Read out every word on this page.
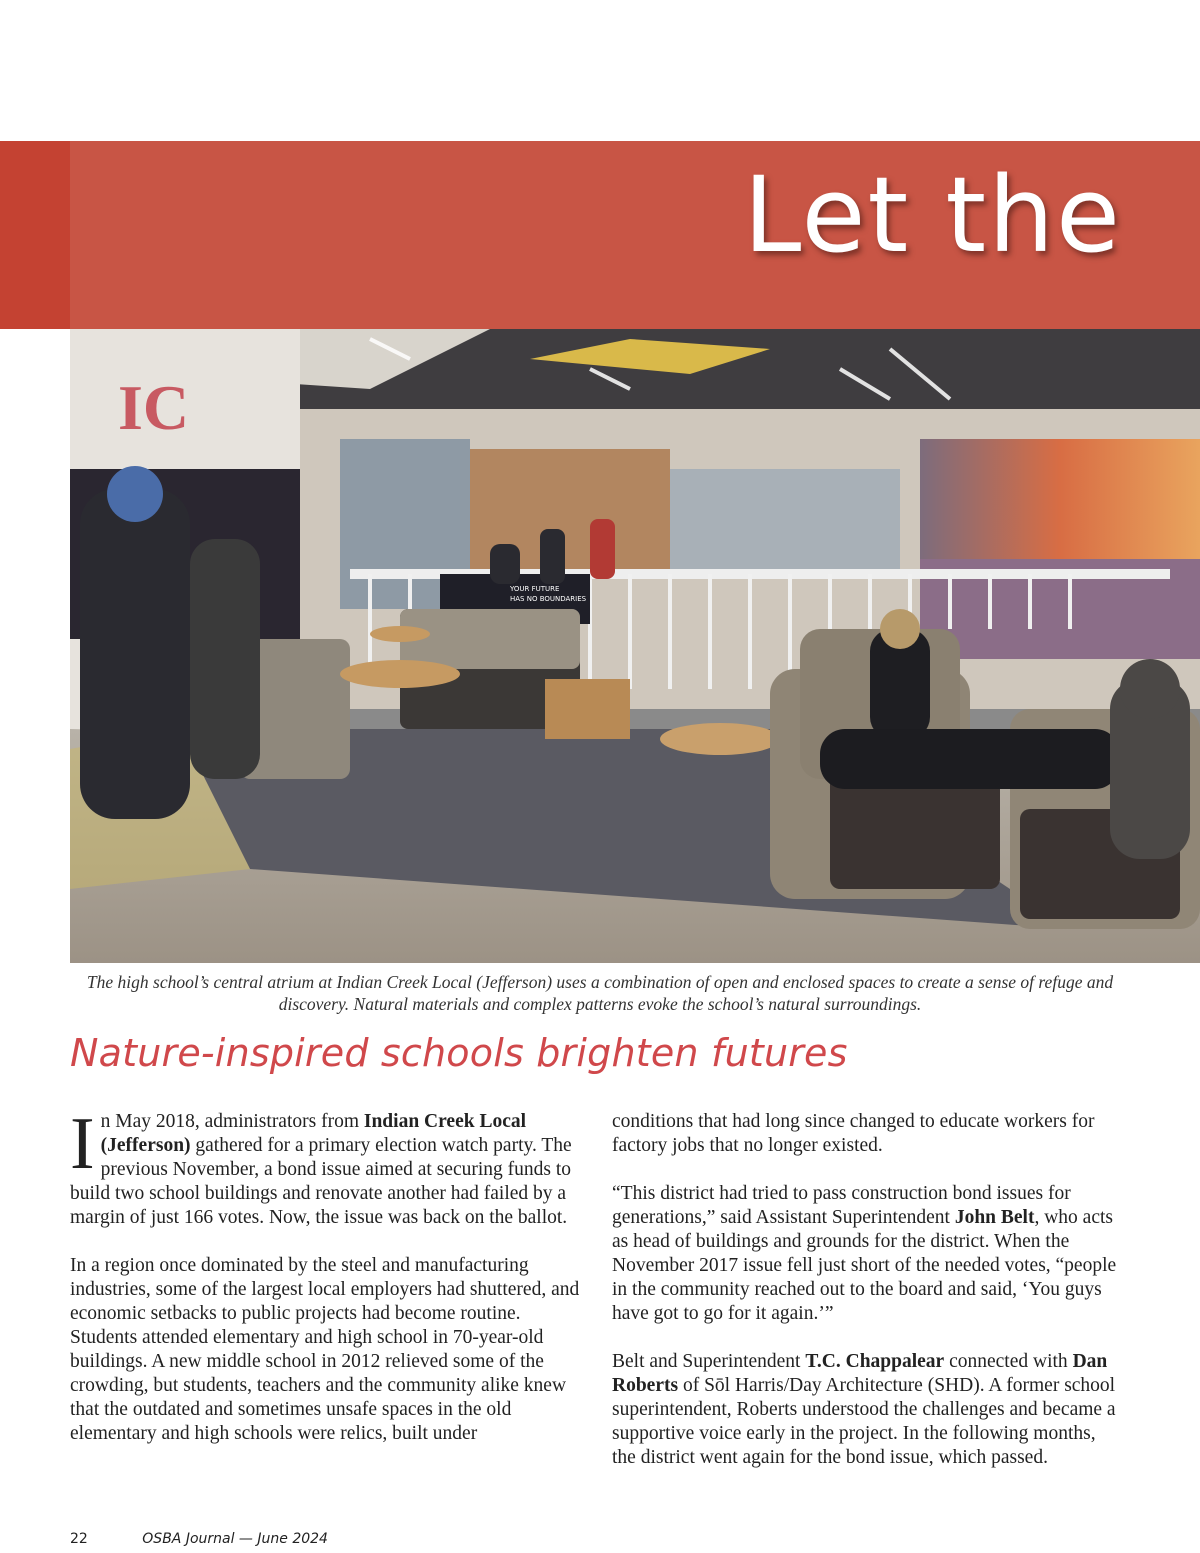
Let the
IC
YOUR FUTURE
HAS NO BOUNDARIES
The high school’s central atrium at Indian Creek Local (Jefferson) uses a combination of open and enclosed spaces to create a sense of refuge and discovery. Natural materials and complex patterns evoke the school’s natural surroundings.
Nature-inspired schools brighten futures

In May 2018, administrators from Indian Creek Local (Jefferson) gathered for a primary election watch party. The previous November, a bond issue aimed at securing funds to build two school buildings and renovate another had failed by a margin of just 166 votes. Now, the issue was back on the ballot.

In a region once dominated by the steel and manufacturing industries, some of the largest local employers had shuttered, and economic setbacks to public projects had become routine. Students attended elementary and high school in 70-year-old buildings. A new middle school in 2012 relieved some of the crowding, but students, teachers and the community alike knew that the outdated and sometimes unsafe spaces in the old elementary and high schools were relics, built under

conditions that had long since changed to educate workers for factory jobs that no longer existed.

“This district had tried to pass construction bond issues for generations,” said Assistant Superintendent John Belt, who acts as head of buildings and grounds for the district. When the November 2017 issue fell just short of the needed votes, “people in the community reached out to the board and said, ‘You guys have got to go for it again.’”

Belt and Superintendent T.C. Chappalear connected with Dan Roberts of Sōl Harris/Day Architecture (SHD). A former school superintendent, Roberts understood the challenges and became a supportive voice early in the project. In the following months, the district went again for the bond issue, which passed.

22	OSBA Journal — June 2024
